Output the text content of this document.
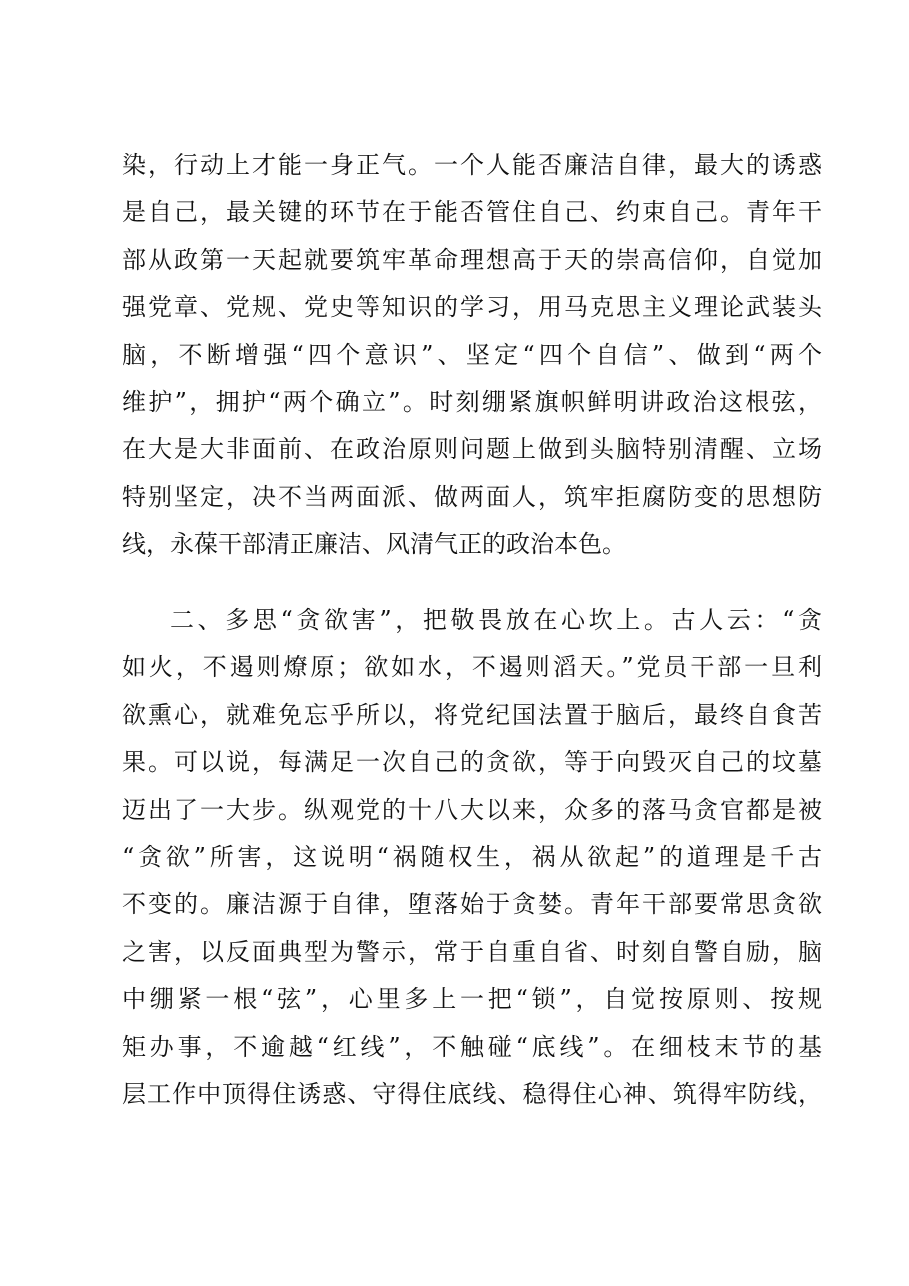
染，行动上才能一身正气。一个人能否廉洁自律，最大的诱惑
是自己，最关键的环节在于能否管住自己、约束自己。青年干
部从政第一天起就要筑牢革命理想高于天的崇高信仰，自觉加
强党章、党规、党史等知识的学习，用马克思主义理论武装头
脑，不断增强“四个意识”、坚定“四个自信”、做到“两个
维护”，拥护“两个确立”。时刻绷紧旗帜鲜明讲政治这根弦，
在大是大非面前、在政治原则问题上做到头脑特别清醒、立场
特别坚定，决不当两面派、做两面人，筑牢拒腐防变的思想防
线，永葆干部清正廉洁、风清气正的政治本色。
二、多思“贪欲害”，把敬畏放在心坎上。古人云：“贪
如火，不遏则燎原；欲如水，不遏则滔天。”党员干部一旦利
欲熏心，就难免忘乎所以，将党纪国法置于脑后，最终自食苦
果。可以说，每满足一次自己的贪欲，等于向毁灭自己的坟墓
迈出了一大步。纵观党的十八大以来，众多的落马贪官都是被
“贪欲”所害，这说明“祸随权生，祸从欲起”的道理是千古
不变的。廉洁源于自律，堕落始于贪婪。青年干部要常思贪欲
之害，以反面典型为警示，常于自重自省、时刻自警自励，脑
中绷紧一根“弦”，心里多上一把“锁”，自觉按原则、按规
矩办事，不逾越“红线”，不触碰“底线”。在细枝末节的基
层工作中顶得住诱惑、守得住底线、稳得住心神、筑得牢防线，
